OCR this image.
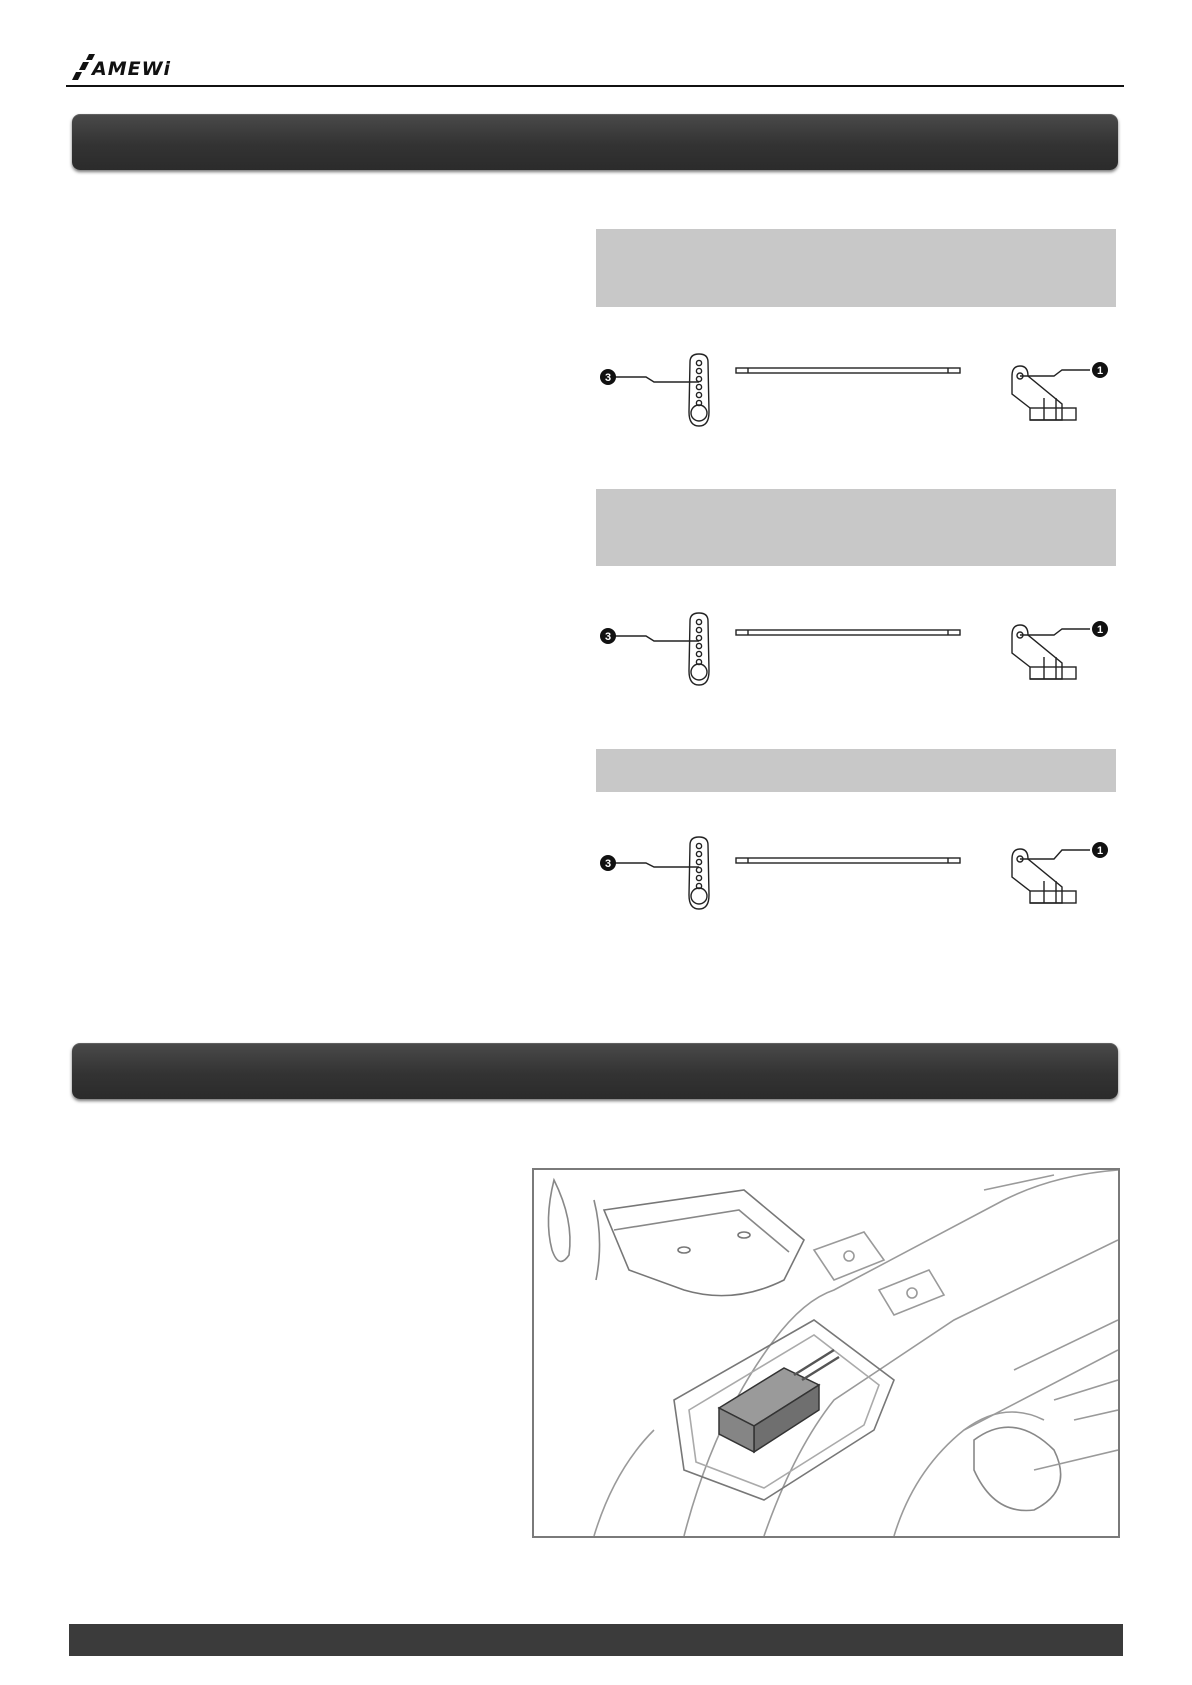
AMEWi
3
1
3
1
3
1
